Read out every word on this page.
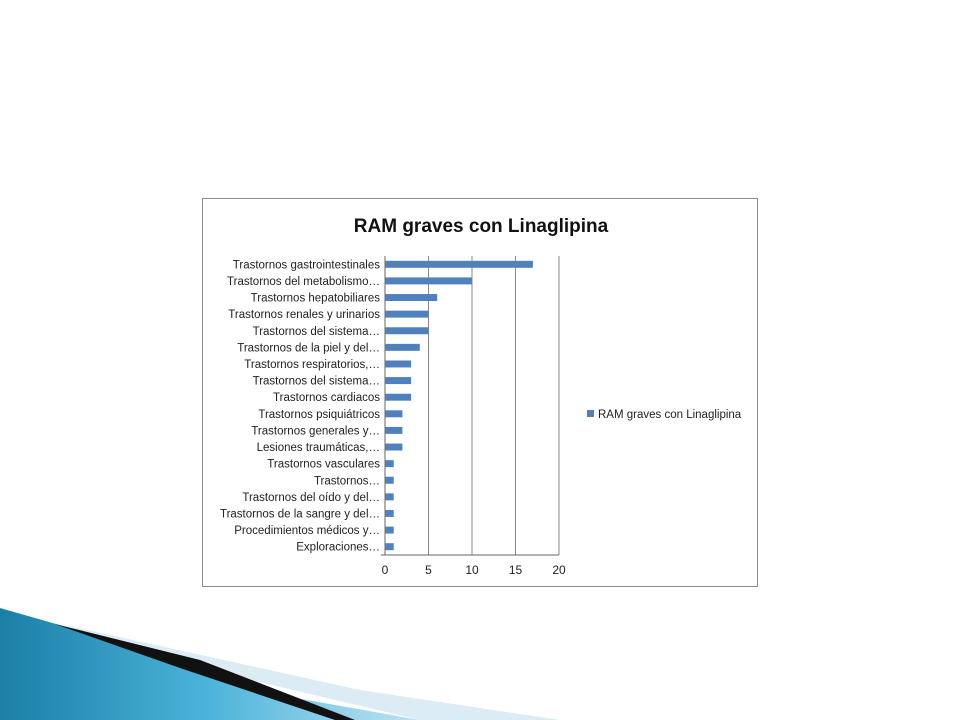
RAM graves con Linaglipina
Trastornos gastrointestinales
Trastornos del metabolismo…
Trastornos hepatobiliares
Trastornos renales y urinarios
Trastornos del sistema…
Trastornos de la piel y del…
Trastornos respiratorios,…
Trastornos del sistema…
Trastornos cardiacos
Trastornos psiquiátricos
Trastornos generales y…
Lesiones traumáticas,…
Trastornos vasculares
Trastornos…
Trastornos del oído y del…
Trastornos de la sangre y del…
Procedimientos médicos y…
Exploraciones…
0	5	10	15	20
RAM graves con Linaglipina
